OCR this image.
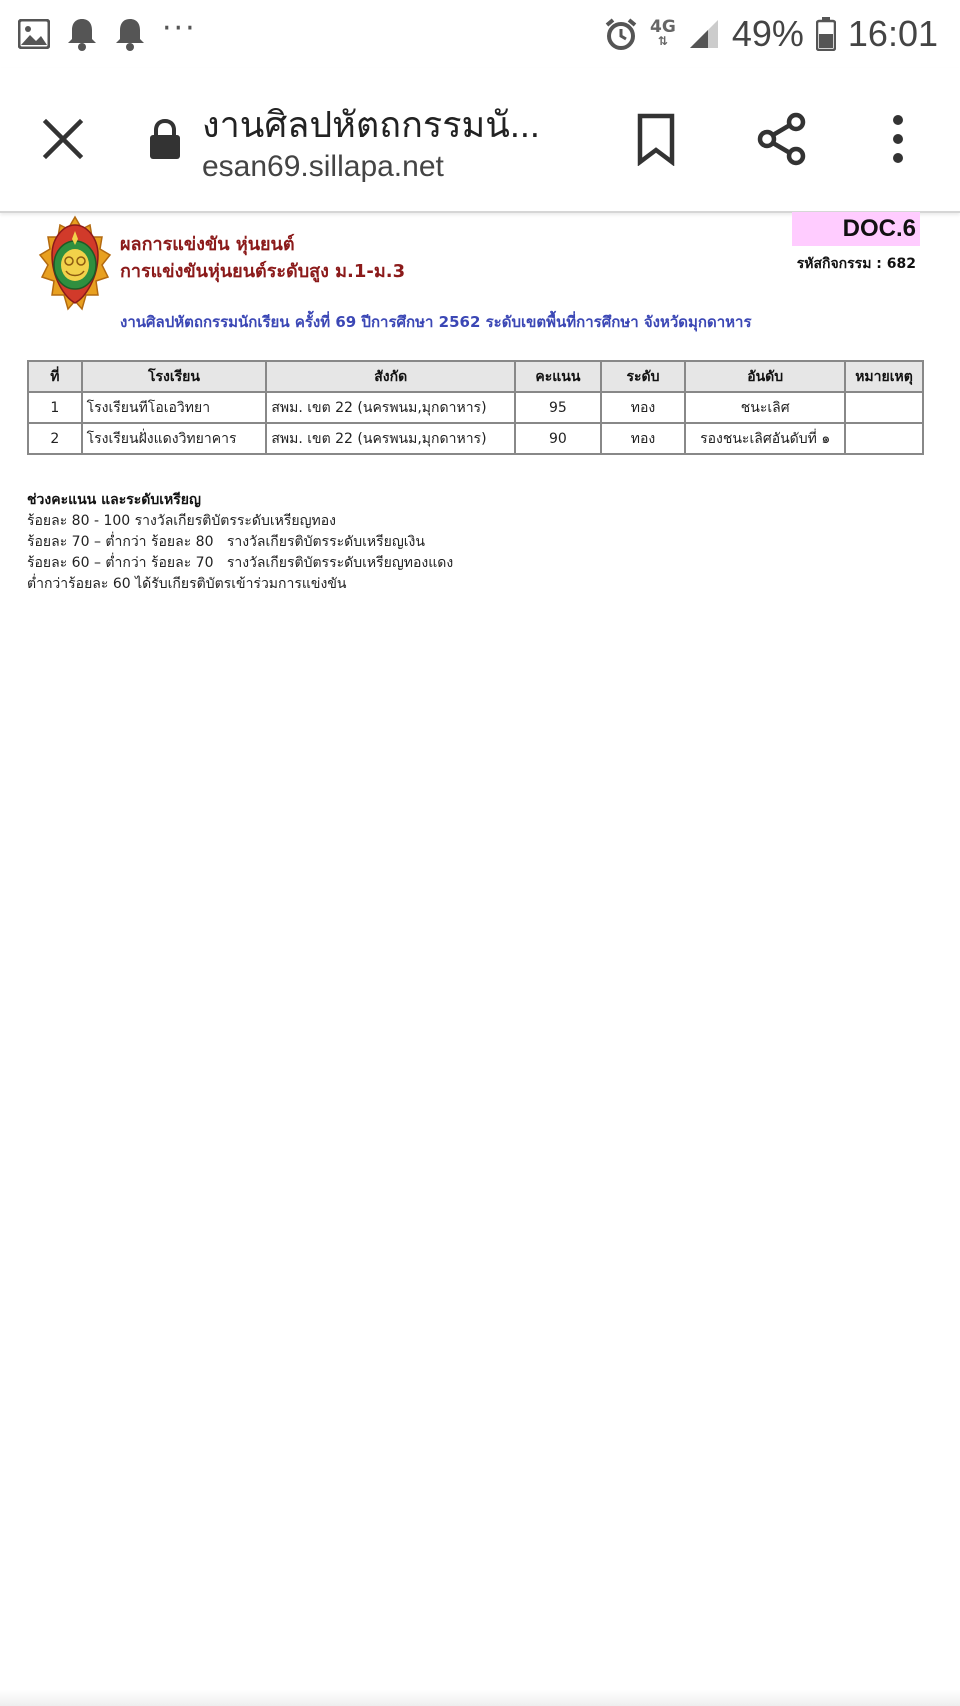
···	4G
⇅ 49% 16:01
งานศิลปหัตถกรรมนั...
esan69.sillapa.net
ผลการแข่งขัน หุ่นยนต์
การแข่งขันหุ่นยนต์ระดับสูง ม.1-ม.3
งานศิลปหัตถกรรมนักเรียน ครั้งที่ 69 ปีการศึกษา 2562 ระดับเขตพื้นที่การศึกษา จังหวัดมุกดาหาร
DOC.6
รหัสกิจกรรม : 682
ที่	โรงเรียน	สังกัด	คะแนน	ระดับ	อันดับ	หมายเหตุ
1	โรงเรียนทีโอเอวิทยา	สพม. เขต 22 (นครพนม,มุกดาหาร)	95	ทอง	ชนะเลิศ	
2	โรงเรียนฝั่งแดงวิทยาคาร	สพม. เขต 22 (นครพนม,มุกดาหาร)	90	ทอง	รองชนะเลิศอันดับที่ ๑	
ช่วงคะแนน และระดับเหรียญ
ร้อยละ 80 - 100 รางวัลเกียรติบัตรระดับเหรียญทอง
ร้อยละ 70 – ต่ำกว่า ร้อยละ 80   รางวัลเกียรติบัตรระดับเหรียญเงิน
ร้อยละ 60 – ต่ำกว่า ร้อยละ 70   รางวัลเกียรติบัตรระดับเหรียญทองแดง
ต่ำกว่าร้อยละ 60 ได้รับเกียรติบัตรเข้าร่วมการแข่งขัน
